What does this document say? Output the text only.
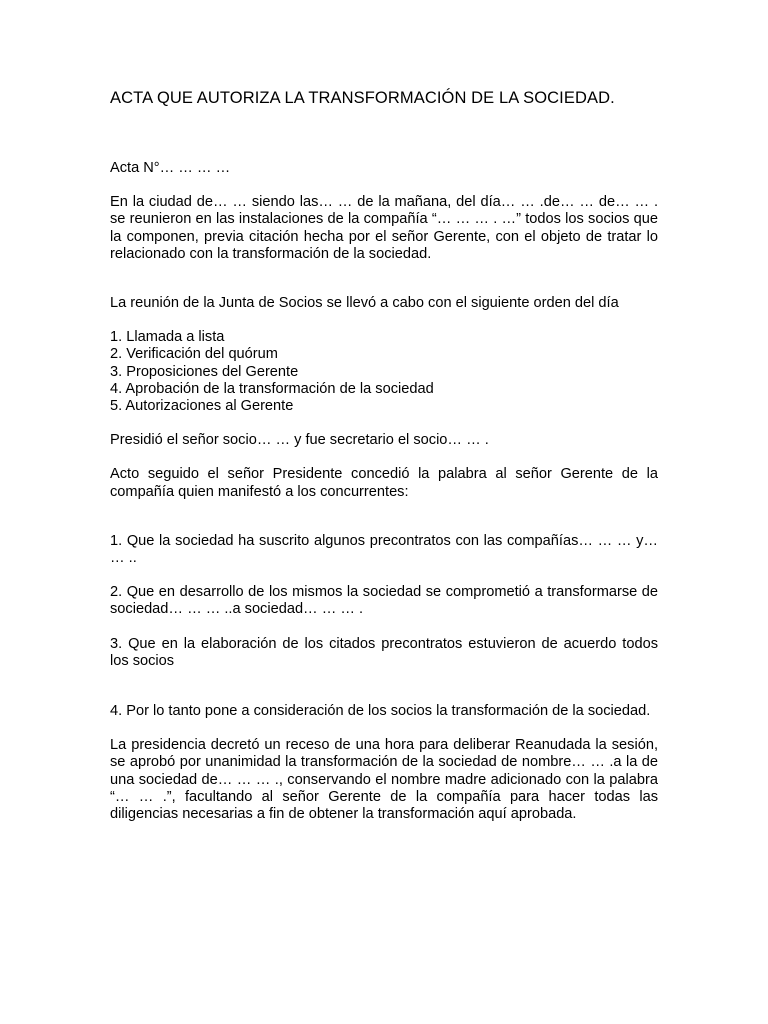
ACTA QUE AUTORIZA LA TRANSFORMACIÓN DE LA SOCIEDAD.

Acta N°… … … …

En la ciudad de… … siendo las… … de la mañana, del día… … .de… … de… … . se reunieron en las instalaciones de la compañía “… … … . …” todos los socios que la componen, previa citación hecha por el señor Gerente, con el objeto de tratar lo relacionado con la transformación de la sociedad.

La reunión de la Junta de Socios se llevó a cabo con el siguiente orden del día

1. Llamada a lista
2. Verificación del quórum
3. Proposiciones del Gerente
4. Aprobación de la transformación de la sociedad
5. Autorizaciones al Gerente

Presidió el señor socio… … y fue secretario el socio… … .

Acto seguido el señor Presidente concedió la palabra al señor Gerente de la compañía quien manifestó a los concurrentes:

1. Que la sociedad ha suscrito algunos precontratos con las compañías… … … y… … ..

2. Que en desarrollo de los mismos la sociedad se comprometió a transformarse de sociedad… … … ..a sociedad… … … .

3. Que en la elaboración de los citados precontratos estuvieron de acuerdo todos los socios

4. Por lo tanto pone a consideración de los socios la transformación de la sociedad.

La presidencia decretó un receso de una hora para deliberar Reanudada la sesión, se aprobó por unanimidad la transformación de la sociedad de nombre… … .a la de una sociedad de… … … ., conservando el nombre madre adicionado con la palabra “… … .”, facultando al señor Gerente de la compañía para hacer todas las diligencias necesarias a fin de obtener la transformación aquí aprobada.
